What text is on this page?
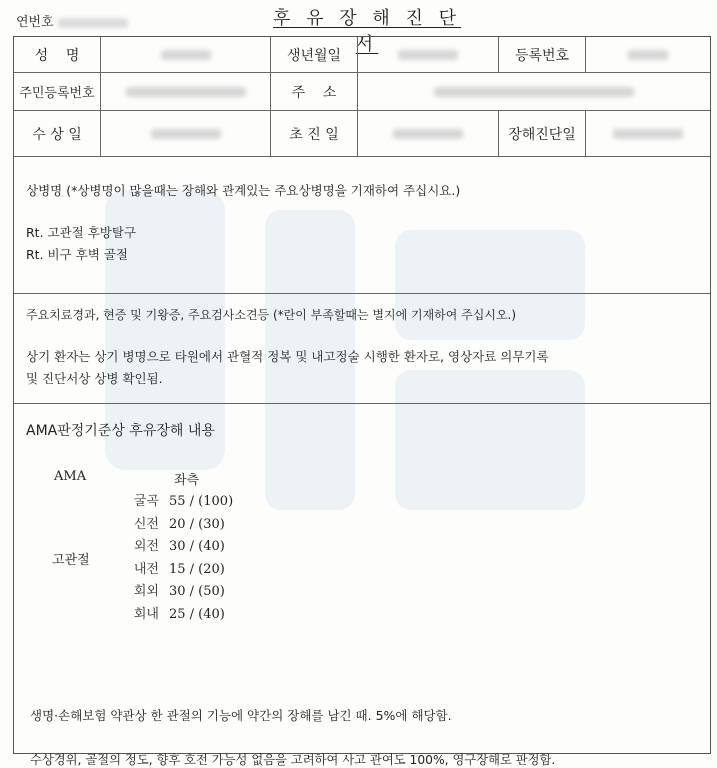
연번호	후 유 장 해 진 단 서
성    명	생년월일	등록번호
주민등록번호	주    소
수 상 일	초 진 일	장해진단일
상병명 (*상병명이 많을때는 장해와 관계있는 주요상병명을 기재하여 주십시요.)
Rt. 고관절 후방탈구
Rt. 비구 후벽 골절
주요치료경과, 현증 및 기왕증, 주요검사소견등 (*란이 부족할때는 별지에 기재하여 주십시오.)
상기 환자는 상기 병명으로 타원에서 관혈적 정복 및 내고정술 시행한 환자로, 영상자료 의무기록
및 진단서상 상병 확인됨.
AMA판정기준상 후유장해 내용
AMA	좌측
고관절
굴곡 55 / (100)
신전 20 / (30)
외전 30 / (40)
내전 15 / (20)
회외 30 / (50)
회내 25 / (40)
생명·손해보험 약관상 한 관절의 기능에 약간의 장해를 남긴 때. 5%에 해당함.
수상경위, 골절의 정도, 향후 호전 가능성 없음을 고려하여 사고 관여도 100%, 영구장해로 판정함.
